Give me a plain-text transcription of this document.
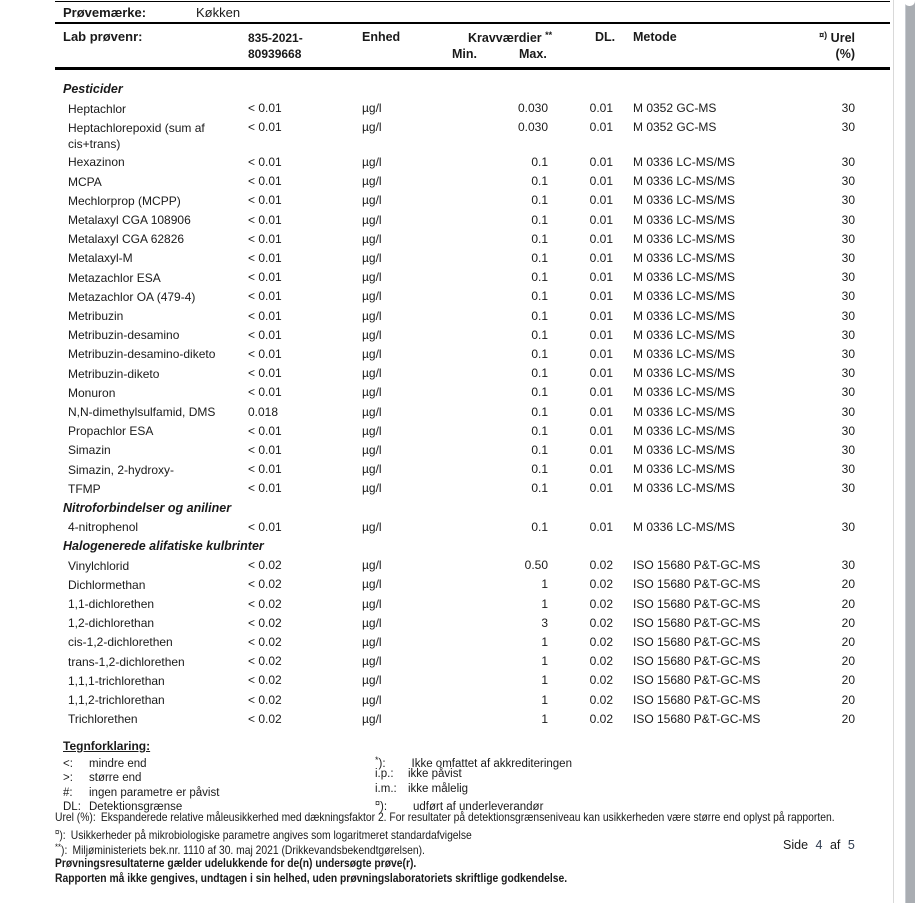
Prøvemærke:	Køkken
Lab prøvenr:	835-2021-
80939668
Enhed	Kravværdier **
Min.	Max.
DL. Metode	¤) Urel
(%)
Pesticider
Heptachlor	< 0.01	µg/l	0.030	0.01	M 0352 GC-MS	30
Heptachlorepoxid (sum af cis+trans)
< 0.01	µg/l	0.030	0.01	M 0352 GC-MS	30
Hexazinon	< 0.01	µg/l	0.1	0.01	M 0336 LC-MS/MS	30
MCPA	< 0.01	µg/l	0.1	0.01	M 0336 LC-MS/MS	30
Mechlorprop (MCPP)	< 0.01	µg/l	0.1	0.01	M 0336 LC-MS/MS	30
Metalaxyl CGA 108906	< 0.01	µg/l	0.1	0.01	M 0336 LC-MS/MS	30
Metalaxyl CGA 62826	< 0.01	µg/l	0.1	0.01	M 0336 LC-MS/MS	30
Metalaxyl-M	< 0.01	µg/l	0.1	0.01	M 0336 LC-MS/MS	30
Metazachlor ESA	< 0.01	µg/l	0.1	0.01	M 0336 LC-MS/MS	30
Metazachlor OA (479-4)	< 0.01	µg/l	0.1	0.01	M 0336 LC-MS/MS	30
Metribuzin	< 0.01	µg/l	0.1	0.01	M 0336 LC-MS/MS	30
Metribuzin-desamino	< 0.01	µg/l	0.1	0.01	M 0336 LC-MS/MS	30
Metribuzin-desamino-diketo	< 0.01	µg/l	0.1	0.01	M 0336 LC-MS/MS	30
Metribuzin-diketo	< 0.01	µg/l	0.1	0.01	M 0336 LC-MS/MS	30
Monuron	< 0.01	µg/l	0.1	0.01	M 0336 LC-MS/MS	30
N,N-dimethylsulfamid, DMS	0.018	µg/l	0.1	0.01	M 0336 LC-MS/MS	30
Propachlor ESA	< 0.01	µg/l	0.1	0.01	M 0336 LC-MS/MS	30
Simazin	< 0.01	µg/l	0.1	0.01	M 0336 LC-MS/MS	30
Simazin, 2-hydroxy-	< 0.01	µg/l	0.1	0.01	M 0336 LC-MS/MS	30
TFMP	< 0.01	µg/l	0.1	0.01	M 0336 LC-MS/MS	30
Nitroforbindelser og aniliner
4-nitrophenol	< 0.01	µg/l	0.1	0.01	M 0336 LC-MS/MS	30
Halogenerede alifatiske kulbrinter
Vinylchlorid	< 0.02	µg/l	0.50	0.02	ISO 15680 P&T-GC-MS	30
Dichlormethan	< 0.02	µg/l	1	0.02	ISO 15680 P&T-GC-MS	20
1,1-dichlorethen	< 0.02	µg/l	1	0.02	ISO 15680 P&T-GC-MS	20
1,2-dichlorethan	< 0.02	µg/l	3	0.02	ISO 15680 P&T-GC-MS	20
cis-1,2-dichlorethen	< 0.02	µg/l	1	0.02	ISO 15680 P&T-GC-MS	20
trans-1,2-dichlorethen	< 0.02	µg/l	1	0.02	ISO 15680 P&T-GC-MS	20
1,1,1-trichlorethan	< 0.02	µg/l	1	0.02	ISO 15680 P&T-GC-MS	20
1,1,2-trichlorethan	< 0.02	µg/l	1	0.02	ISO 15680 P&T-GC-MS	20
Trichlorethen	< 0.02	µg/l	1	0.02	ISO 15680 P&T-GC-MS	20
Tegnforklaring:
<: mindre end
>: større end
#: ingen parametre er påvist
DL: Detektionsgrænse
*): Ikke omfattet af akkrediteringen
i.p.: ikke påvist
i.m.: ikke målelig
¤): udført af underleverandør
Urel (%): Ekspanderede relative måleusikkerhed med dækningsfaktor 2. For resultater på detektionsgrænseniveau kan usikkerheden være større end oplyst på rapporten.
¤): Usikkerheder på mikrobiologiske parametre angives som logaritmeret standardafvigelse
**): Miljøministeriets bek.nr. 1110 af 30. maj 2021 (Drikkevandsbekendtgørelsen).
Prøvningsresultaterne gælder udelukkende for de(n) undersøgte prøve(r).
Rapporten må ikke gengives, undtagen i sin helhed, uden prøvningslaboratoriets skriftlige godkendelse.
Side 4 af 5
